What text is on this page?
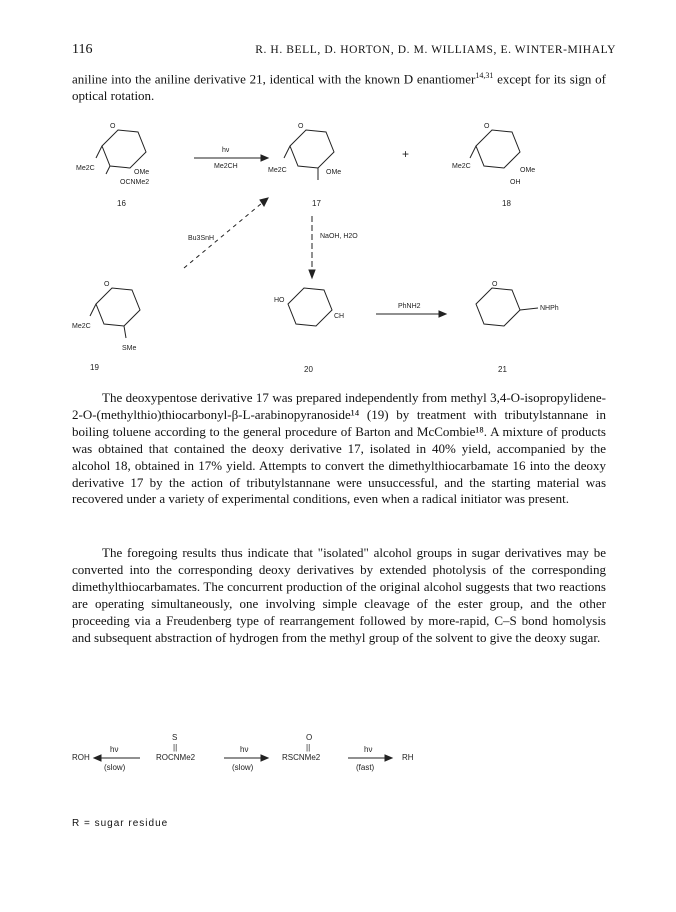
116	R. H. BELL, D. HORTON, D. M. WILLIAMS, E. WINTER-MIHALY

aniline into the aniline derivative 21, identical with the known D enantiomer$^{14,31}$ except for its sign of optical rotation.

O
Me2C
OMe
OCNMe2
16
hν
Me2CH
O
Me2C	OMe
17
+
O
Me2C
OMe
OH
18
Bu3SnH	NaOH, H2O
O
Me2C
SMe
19
HO
CH
20
PhNH2
O
NHPh
21

The deoxypentose derivative 17 was prepared independently from methyl 3,4-O-isopropylidene-2-O-(methylthio)thiocarbonyl-β-L-arabinopyranoside¹⁴ (19) by treatment with tributylstannane in boiling toluene according to the general procedure of Barton and McCombie¹⁸. A mixture of products was obtained that contained the deoxy derivative 17, isolated in 40% yield, accompanied by the alcohol 18, obtained in 17% yield. Attempts to convert the dimethylthiocarbamate 16 into the deoxy derivative 17 by the action of tributylstannane were unsuccessful, and the starting material was recovered under a variety of experimental conditions, even when a radical initiator was present.

The foregoing results thus indicate that "isolated" alcohol groups in sugar derivatives may be converted into the corresponding deoxy derivatives by extended photolysis of the corresponding dimethylthiocarbamates. The concurrent production of the original alcohol suggests that two reactions are operating simultaneously, one involving simple cleavage of the ester group, and the other proceeding via a Freudenberg type of rearrangement followed by more-rapid, C–S bond homolysis and subsequent abstraction of hydrogen from the methyl group of the solvent to give the deoxy sugar.

ROH
hν
(slow)
S
||
ROCNMe2
hν
(slow)
O
||
RSCNMe2
hν
(fast)
RH
R = sugar residue
